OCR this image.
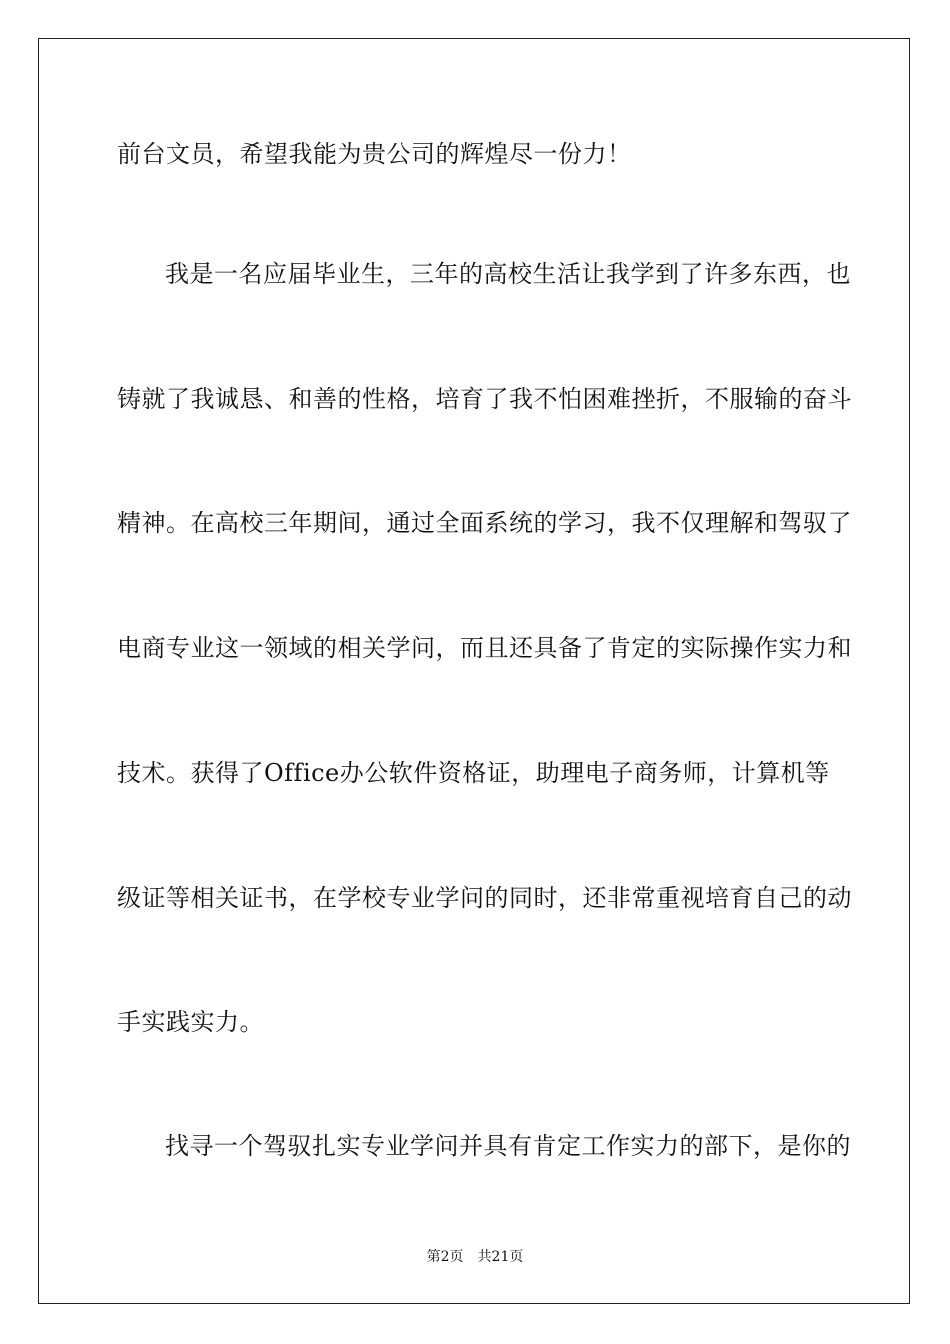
前台文员，希望我能为贵公司的辉煌尽一份力！
我是一名应届毕业生，三年的高校生活让我学到了许多东西，也
铸就了我诚恳、和善的性格，培育了我不怕困难挫折，不服输的奋斗
精神。在高校三年期间，通过全面系统的学习，我不仅理解和驾驭了
电商专业这一领域的相关学问，而且还具备了肯定的实际操作实力和
技术。获得了Office办公软件资格证，助理电子商务师，计算机等
级证等相关证书，在学校专业学问的同时，还非常重视培育自己的动
手实践实力。
找寻一个驾驭扎实专业学问并具有肯定工作实力的部下，是你的
第2页 共21页
